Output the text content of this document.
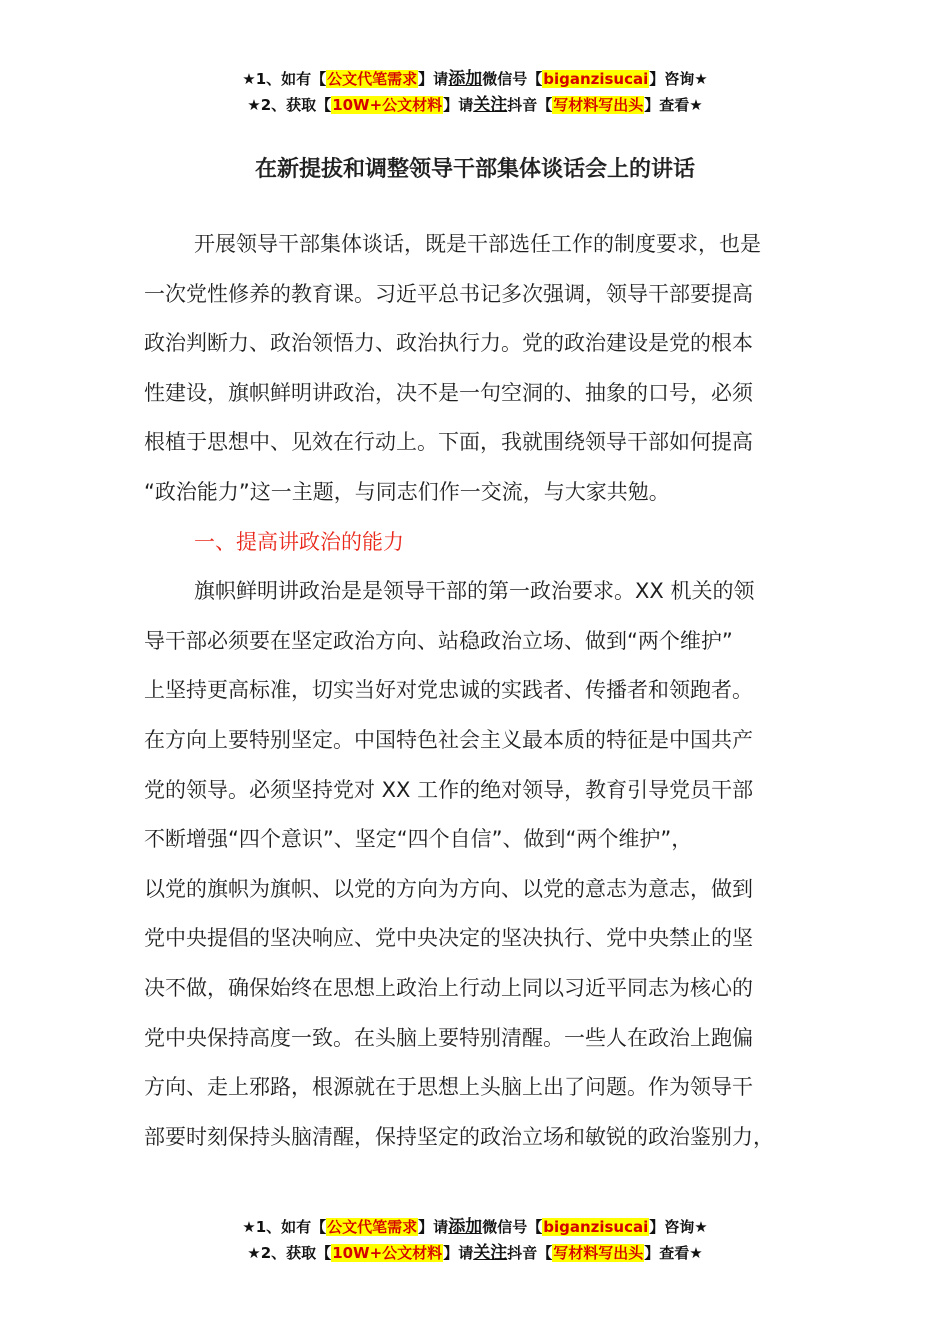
★1、如有【公文代笔需求】请添加微信号【biganzisucai】咨询★
★2、获取【10W+公文材料】请关注抖音【写材料写出头】查看★
在新提拔和调整领导干部集体谈话会上的讲话
开展领导干部集体谈话，既是干部选任工作的制度要求，也是
一次党性修养的教育课。习近平总书记多次强调，领导干部要提高
政治判断力、政治领悟力、政治执行力。党的政治建设是党的根本
性建设，旗帜鲜明讲政治，决不是一句空洞的、抽象的口号，必须
根植于思想中、见效在行动上。下面，我就围绕领导干部如何提高
“政治能力”这一主题，与同志们作一交流，与大家共勉。
一、提高讲政治的能力
旗帜鲜明讲政治是是领导干部的第一政治要求。XX 机关的领
导干部必须要在坚定政治方向、站稳政治立场、做到“两个维护”
上坚持更高标准，切实当好对党忠诚的实践者、传播者和领跑者。
在方向上要特别坚定。中国特色社会主义最本质的特征是中国共产
党的领导。必须坚持党对 XX 工作的绝对领导，教育引导党员干部
不断增强“四个意识”、坚定“四个自信”、做到“两个维护”，
以党的旗帜为旗帜、以党的方向为方向、以党的意志为意志，做到
党中央提倡的坚决响应、党中央决定的坚决执行、党中央禁止的坚
决不做，确保始终在思想上政治上行动上同以习近平同志为核心的
党中央保持高度一致。在头脑上要特别清醒。一些人在政治上跑偏
方向、走上邪路，根源就在于思想上头脑上出了问题。作为领导干
部要时刻保持头脑清醒，保持坚定的政治立场和敏锐的政治鉴别力，
★1、如有【公文代笔需求】请添加微信号【biganzisucai】咨询★
★2、获取【10W+公文材料】请关注抖音【写材料写出头】查看★
